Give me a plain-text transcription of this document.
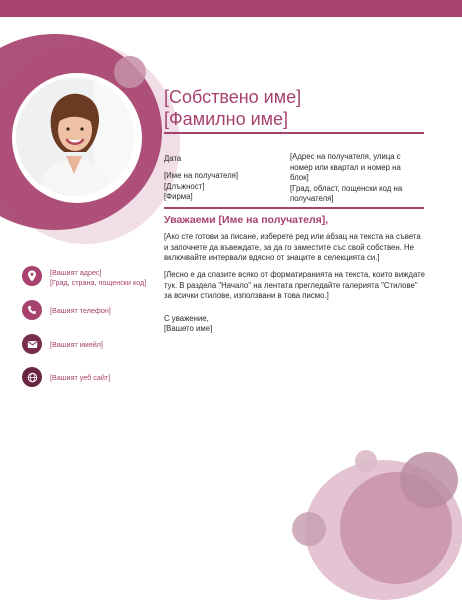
[Собствено име]
[Фамилно име]
Дата
[Име на получателя]
[Длъжност]
[Фирма]
[Адрес на получателя, улица с номер или квартал и номер на блок]
[Град, област, пощенски код на получателя]
Уважаеми [Име на получателя],
[Ако сте готови за писане, изберете ред или абзац на текста на съвета и започнете да въвеждате, за да го заместите със свой собствен. Не включвайте интервали вдясно от знаците в селекцията си.]
[Лесно е да спазите всяко от форматиранията на текста, които виждате тук. В раздела "Начало" на лентата прегледайте галерията "Стилове" за всички стилове, използвани в това писмо.]
С уважение,
[Вашето име]
[Вашият адрес]
[Град, страна, пощенски код]
[Вашият телефон]
[Вашият имейл]
[Вашият уеб сайт]
